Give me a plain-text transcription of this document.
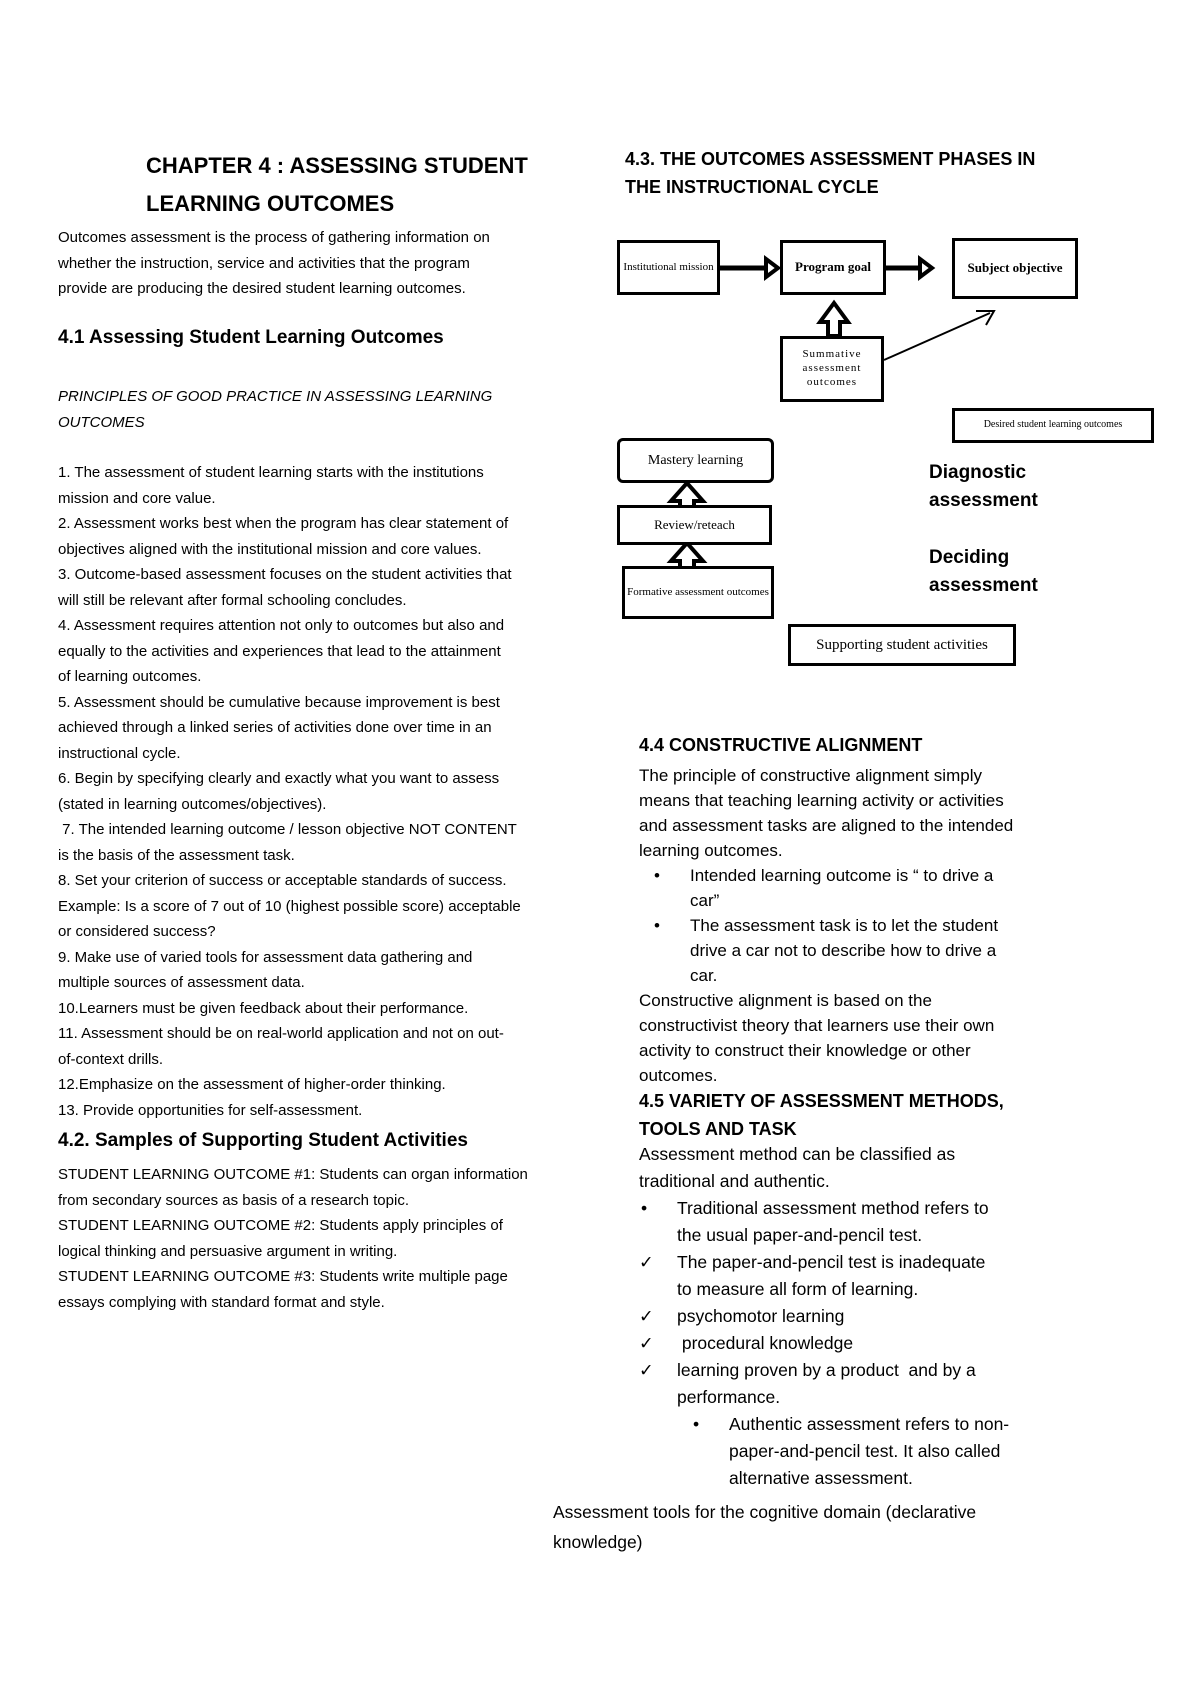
CHAPTER 4 : ASSESSING STUDENT
LEARNING OUTCOMES

Outcomes assessment is the process of gathering information on

whether the instruction, service and activities that the program

provide are producing the desired student learning outcomes.

4.1 Assessing Student Learning Outcomes

PRINCIPLES OF GOOD PRACTICE IN ASSESSING LEARNING

OUTCOMES

1. The assessment of student learning starts with the institutions

mission and core value.

2. Assessment works best when the program has clear statement of

objectives aligned with the institutional mission and core values.

3. Outcome-based assessment focuses on the student activities that

will still be relevant after formal schooling concludes.

4. Assessment requires attention not only to outcomes but also and

equally to the activities and experiences that lead to the attainment

of learning outcomes.

5. Assessment should be cumulative because improvement is best

achieved through a linked series of activities done over time in an

instructional cycle.

6. Begin by specifying clearly and exactly what you want to assess

(stated in learning outcomes/objectives).

7. The intended learning outcome / lesson objective NOT CONTENT

is the basis of the assessment task.

8. Set your criterion of success or acceptable standards of success.

Example: Is a score of 7 out of 10 (highest possible score) acceptable

or considered success?

9. Make use of varied tools for assessment data gathering and

multiple sources of assessment data.

10.Learners must be given feedback about their performance.

11. Assessment should be on real-world application and not on out-

of-context drills.

12.Emphasize on the assessment of higher-order thinking.

13. Provide opportunities for self-assessment.

4.2. Samples of Supporting Student Activities

STUDENT LEARNING OUTCOME #1: Students can organ information

from secondary sources as basis of a research topic.

STUDENT LEARNING OUTCOME #2: Students apply principles of

logical thinking and persuasive argument in writing.

STUDENT LEARNING OUTCOME #3: Students write multiple page

essays complying with standard format and style.

4.3. THE OUTCOMES ASSESSMENT PHASES IN
THE INSTRUCTIONAL CYCLE
Institutional mission	Program goal	Subject objective
Summative assessment outcomes
Desired student learning outcomes
Mastery learning
Review/reteach
Formative assessment outcomes
Supporting student activities
Diagnostic
assessment
Deciding
assessment
4.4 CONSTRUCTIVE ALIGNMENT

The principle of constructive alignment simply

means that teaching learning activity or activities

and assessment tasks are aligned to the intended

learning outcomes.

• Intended learning outcome is “ to drive a

car”

• The assessment task is to let the student

drive a car not to describe how to drive a

car.

Constructive alignment is based on the

constructivist theory that learners use their own

activity to construct their knowledge or other

outcomes.

4.5 VARIETY OF ASSESSMENT METHODS,
TOOLS AND TASK

Assessment method can be classified as

traditional and authentic.

• Traditional assessment method refers to

the usual paper-and-pencil test.

✓ The paper-and-pencil test is inadequate

to measure all form of learning.

✓ psychomotor learning

✓ procedural knowledge

✓ learning proven by a product  and by a

performance.

• Authentic assessment refers to non-

paper-and-pencil test. It also called

alternative assessment.

Assessment tools for the cognitive domain (declarative

knowledge)
